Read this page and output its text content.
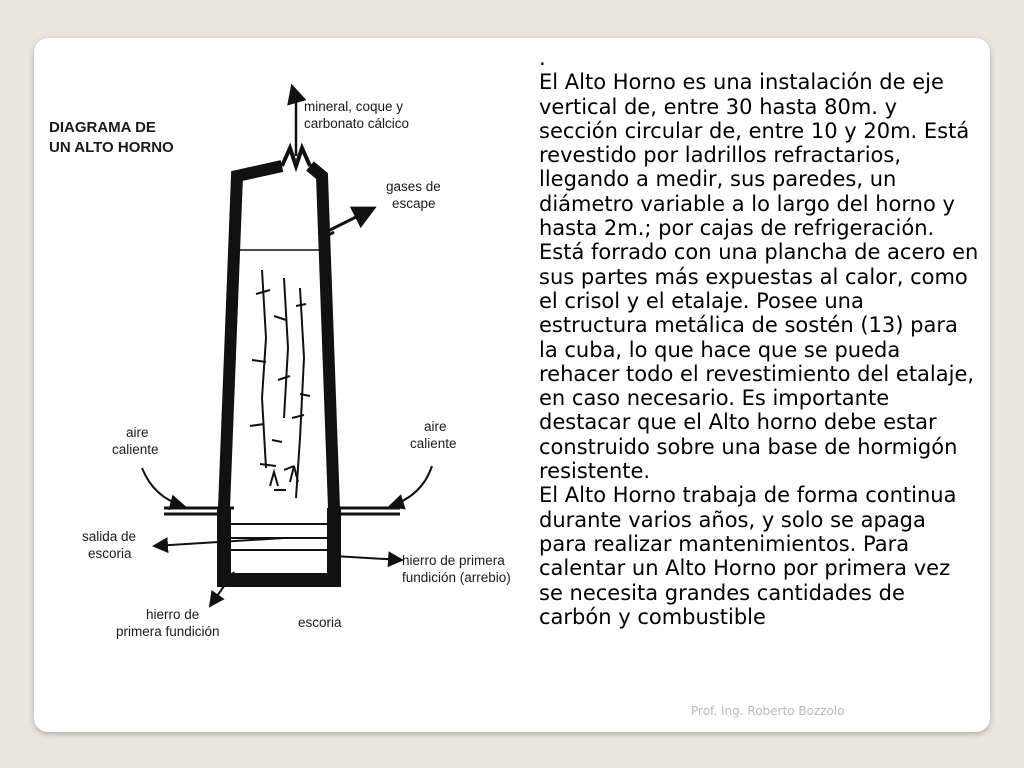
DIAGRAMA DE
UN ALTO HORNO
mineral, coque y
carbonato cálcico
gases de
escape
aire
caliente
aire
caliente
salida de
escoria	hierro de primera
fundición (arrebio)
hierro de
primera fundición
escoria

.

El Alto Horno es una instalación de eje vertical de, entre 30 hasta 80m. y sección circular de, entre 10 y 20m. Está revestido por ladrillos refractarios, llegando a medir, sus paredes, un diámetro variable a lo largo del horno y hasta 2m.; por cajas de refrigeración. Está forrado con una plancha de acero en sus partes más expuestas al calor, como el crisol y el etalaje. Posee una estructura metálica de sostén (13) para la cuba, lo que hace que se pueda rehacer todo el revestimiento del etalaje, en caso necesario. Es importante destacar que el Alto horno debe estar construido sobre una base de hormigón resistente.

El Alto Horno trabaja de forma continua durante varios años, y solo se apaga para realizar mantenimientos. Para calentar un Alto Horno por primera vez se necesita grandes cantidades de carbón y combustible

Prof. Ing. Roberto Bozzolo
